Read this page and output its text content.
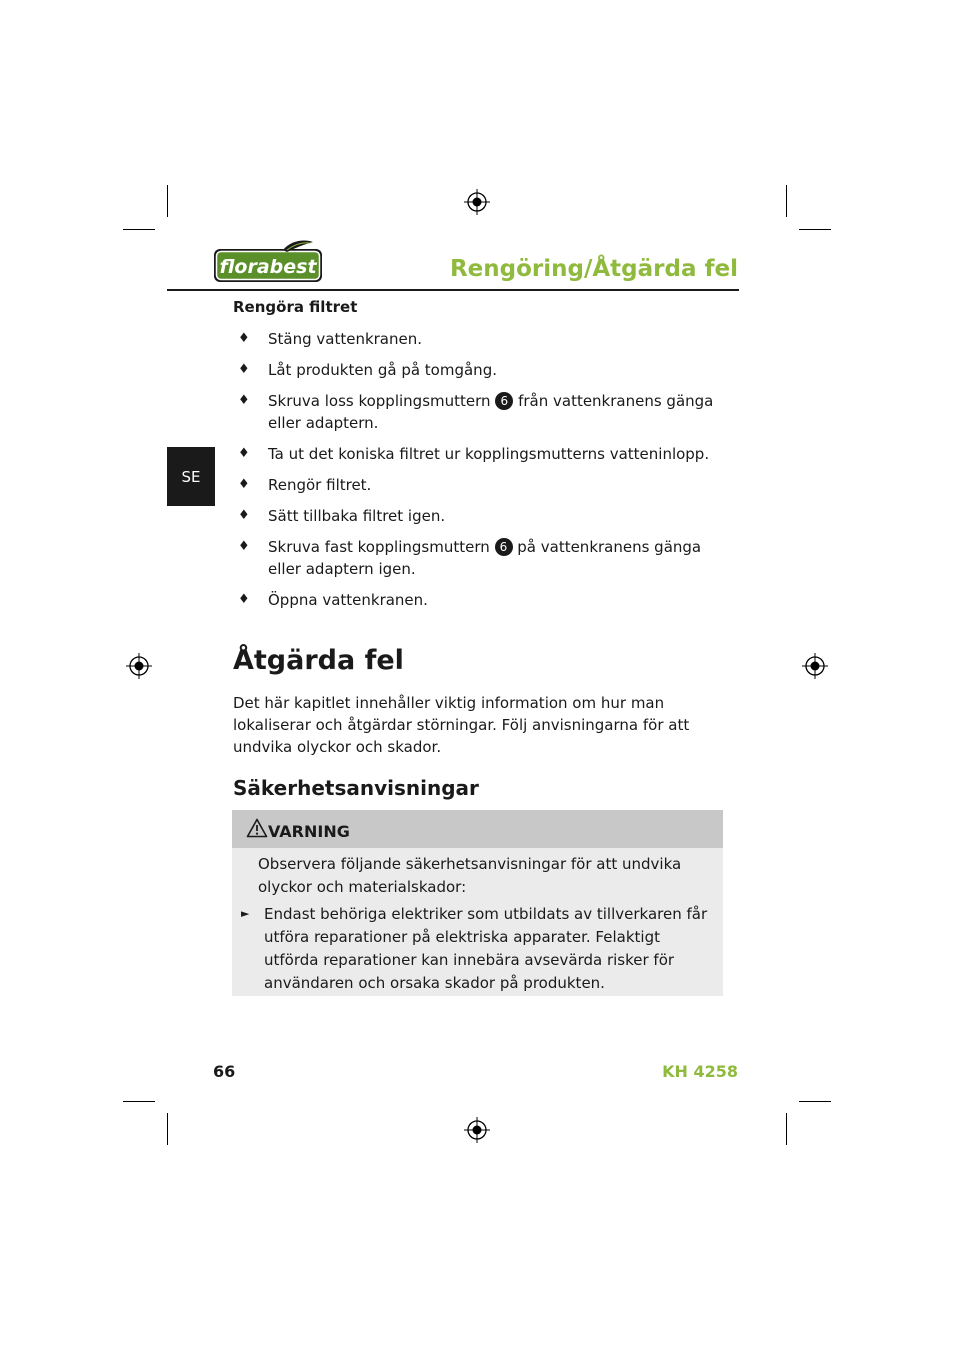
florabest	Rengöring/Åtgärda fel
SE
Rengöra filtret
♦ Stäng vattenkranen.
♦ Låt produkten gå på tomgång.
♦ Skruva loss kopplingsmuttern 6 från vattenkranens gänga eller adaptern.
♦ Ta ut det koniska filtret ur kopplingsmutterns vatteninlopp.
♦ Rengör filtret.
♦ Sätt tillbaka filtret igen.
♦ Skruva fast kopplingsmuttern 6 på vattenkranens gänga eller adaptern igen.
♦ Öppna vattenkranen.
Åtgärda fel

Det här kapitlet innehåller viktig information om hur man lokaliserar och åtgärdar störningar. Följ anvisningarna för att undvika olyckor och skador.

Säkerhetsanvisningar
VARNING

Observera följande säkerhetsanvisningar för att undvika olyckor och materialskador:

► Endast behöriga elektriker som utbildats av tillverkaren får utföra reparationer på elektriska apparater. Felaktigt utförda reparationer kan innebära avsevärda risker för användaren och orsaka skador på produkten.

66	KH 4258
